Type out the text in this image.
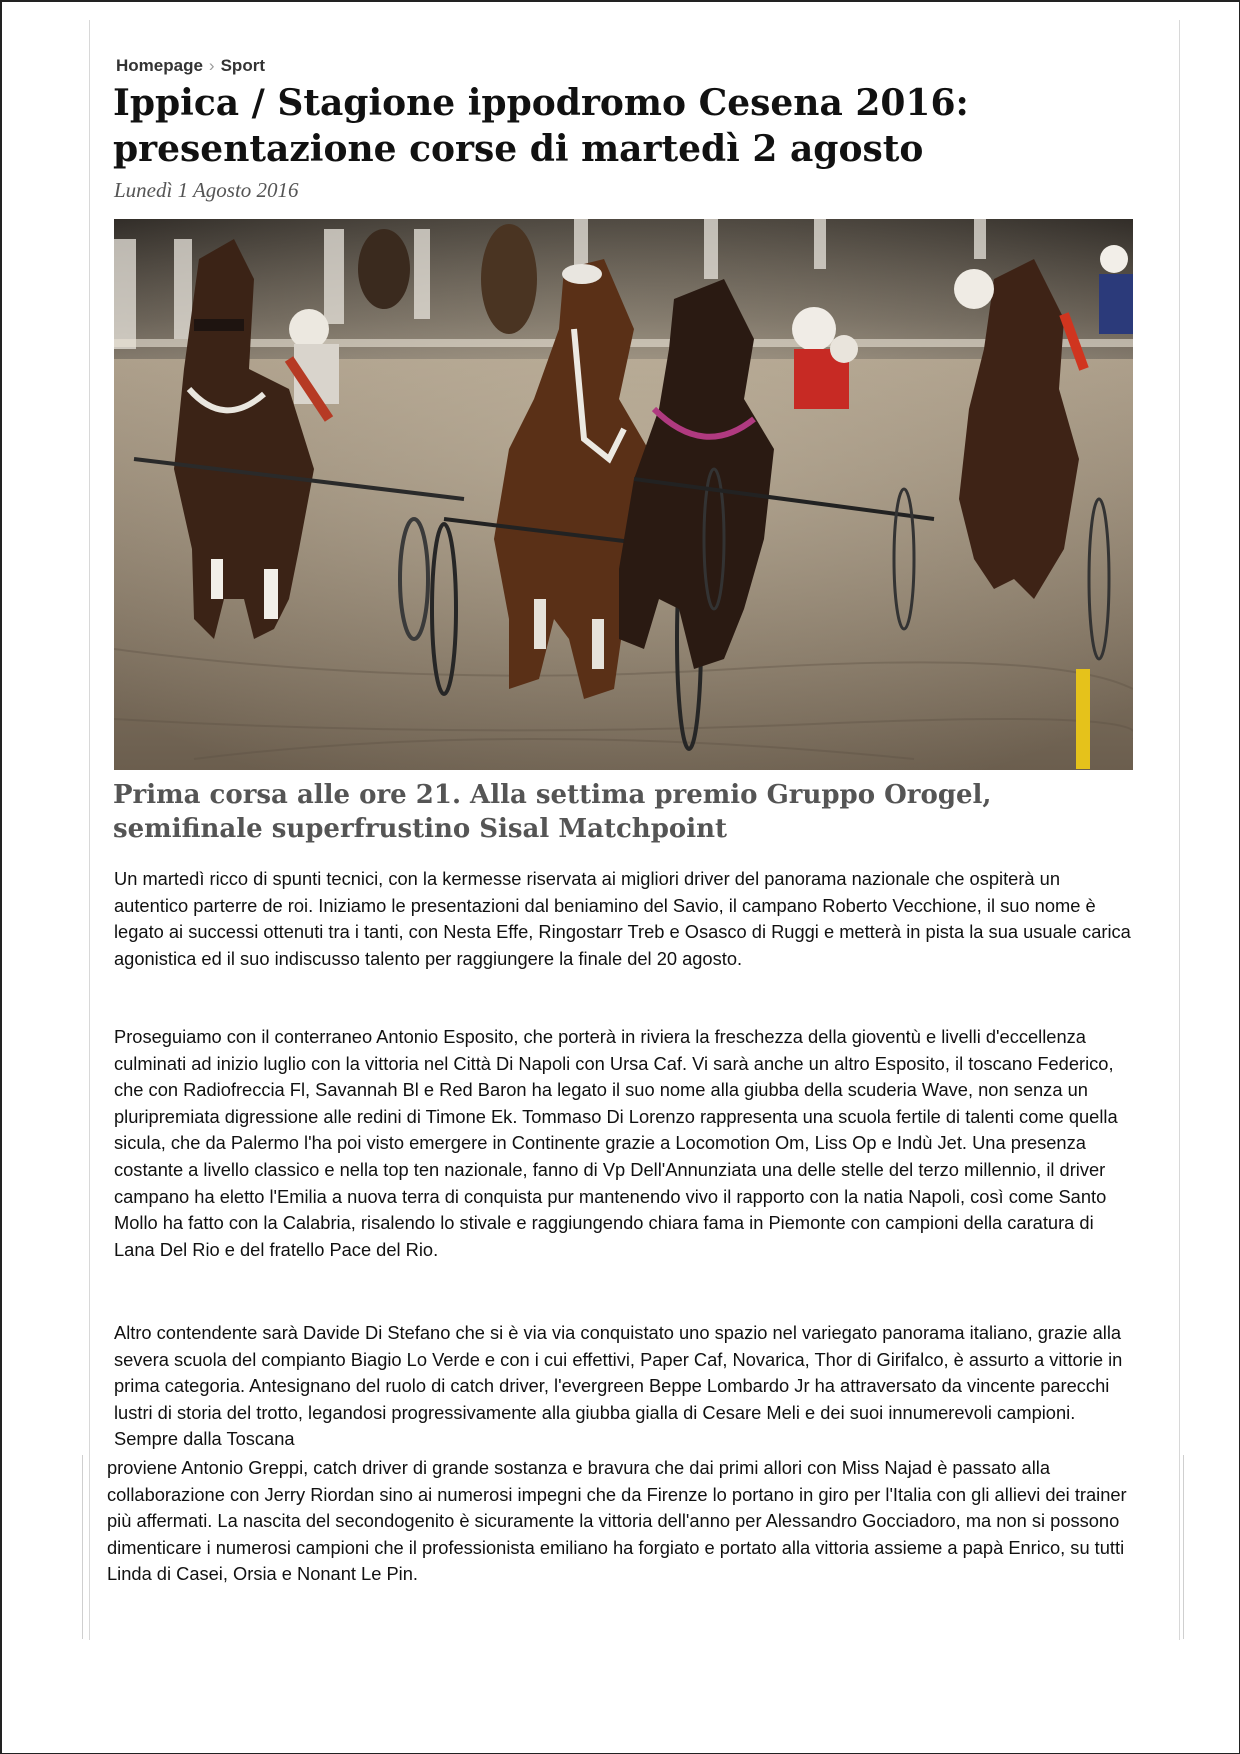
Homepage › Sport
Ippica / Stagione ippodromo Cesena 2016: presentazione corse di martedì 2 agosto
Lunedì 1 Agosto 2016
Prima corsa alle ore 21. Alla settima premio Gruppo Orogel, semifinale superfrustino Sisal Matchpoint

Un martedì ricco di spunti tecnici, con la kermesse riservata ai migliori driver del panorama nazionale che ospiterà un autentico parterre de roi. Iniziamo le presentazioni dal beniamino del Savio, il campano Roberto Vecchione, il suo nome è legato ai successi ottenuti tra i tanti, con Nesta Effe, Ringostarr Treb e Osasco di Ruggi e metterà in pista la sua usuale carica agonistica ed il suo indiscusso talento per raggiungere la finale del 20 agosto.

Proseguiamo con il conterraneo Antonio Esposito, che porterà in riviera la freschezza della gioventù e livelli d'eccellenza culminati ad inizio luglio con la vittoria nel Città Di Napoli con Ursa Caf. Vi sarà anche un altro Esposito, il toscano Federico, che con Radiofreccia Fl, Savannah Bl e Red Baron ha legato il suo nome alla giubba della scuderia Wave, non senza un pluripremiata digressione alle redini di Timone Ek. Tommaso Di Lorenzo rappresenta una scuola fertile di talenti come quella sicula, che da Palermo l'ha poi visto emergere in Continente grazie a Locomotion Om, Liss Op e Indù Jet. Una presenza costante a livello classico e nella top ten nazionale, fanno di Vp Dell'Annunziata una delle stelle del terzo millennio, il driver campano ha eletto l'Emilia a nuova terra di conquista pur mantenendo vivo il rapporto con la natia Napoli, così come Santo Mollo ha fatto con la Calabria, risalendo lo stivale e raggiungendo chiara fama in Piemonte con campioni della caratura di Lana Del Rio e del fratello Pace del Rio.

Altro contendente sarà Davide Di Stefano che si è via via conquistato uno spazio nel variegato panorama italiano, grazie alla severa scuola del compianto Biagio Lo Verde e con i cui effettivi, Paper Caf, Novarica, Thor di Girifalco, è assurto a vittorie in prima categoria. Antesignano del ruolo di catch driver, l'evergreen Beppe Lombardo Jr ha attraversato da vincente parecchi lustri di storia del trotto, legandosi progressivamente alla giubba gialla di Cesare Meli e dei suoi innumerevoli campioni. Sempre dalla Toscana

proviene Antonio Greppi, catch driver di grande sostanza e bravura che dai primi allori con Miss Najad è passato alla collaborazione con Jerry Riordan sino ai numerosi impegni che da Firenze lo portano in giro per l'Italia con gli allievi dei trainer più affermati. La nascita del secondogenito è sicuramente la vittoria dell'anno per Alessandro Gocciadoro, ma non si possono dimenticare i numerosi campioni che il professionista emiliano ha forgiato e portato alla vittoria assieme a papà Enrico, su tutti Linda di Casei, Orsia e Nonant Le Pin.
